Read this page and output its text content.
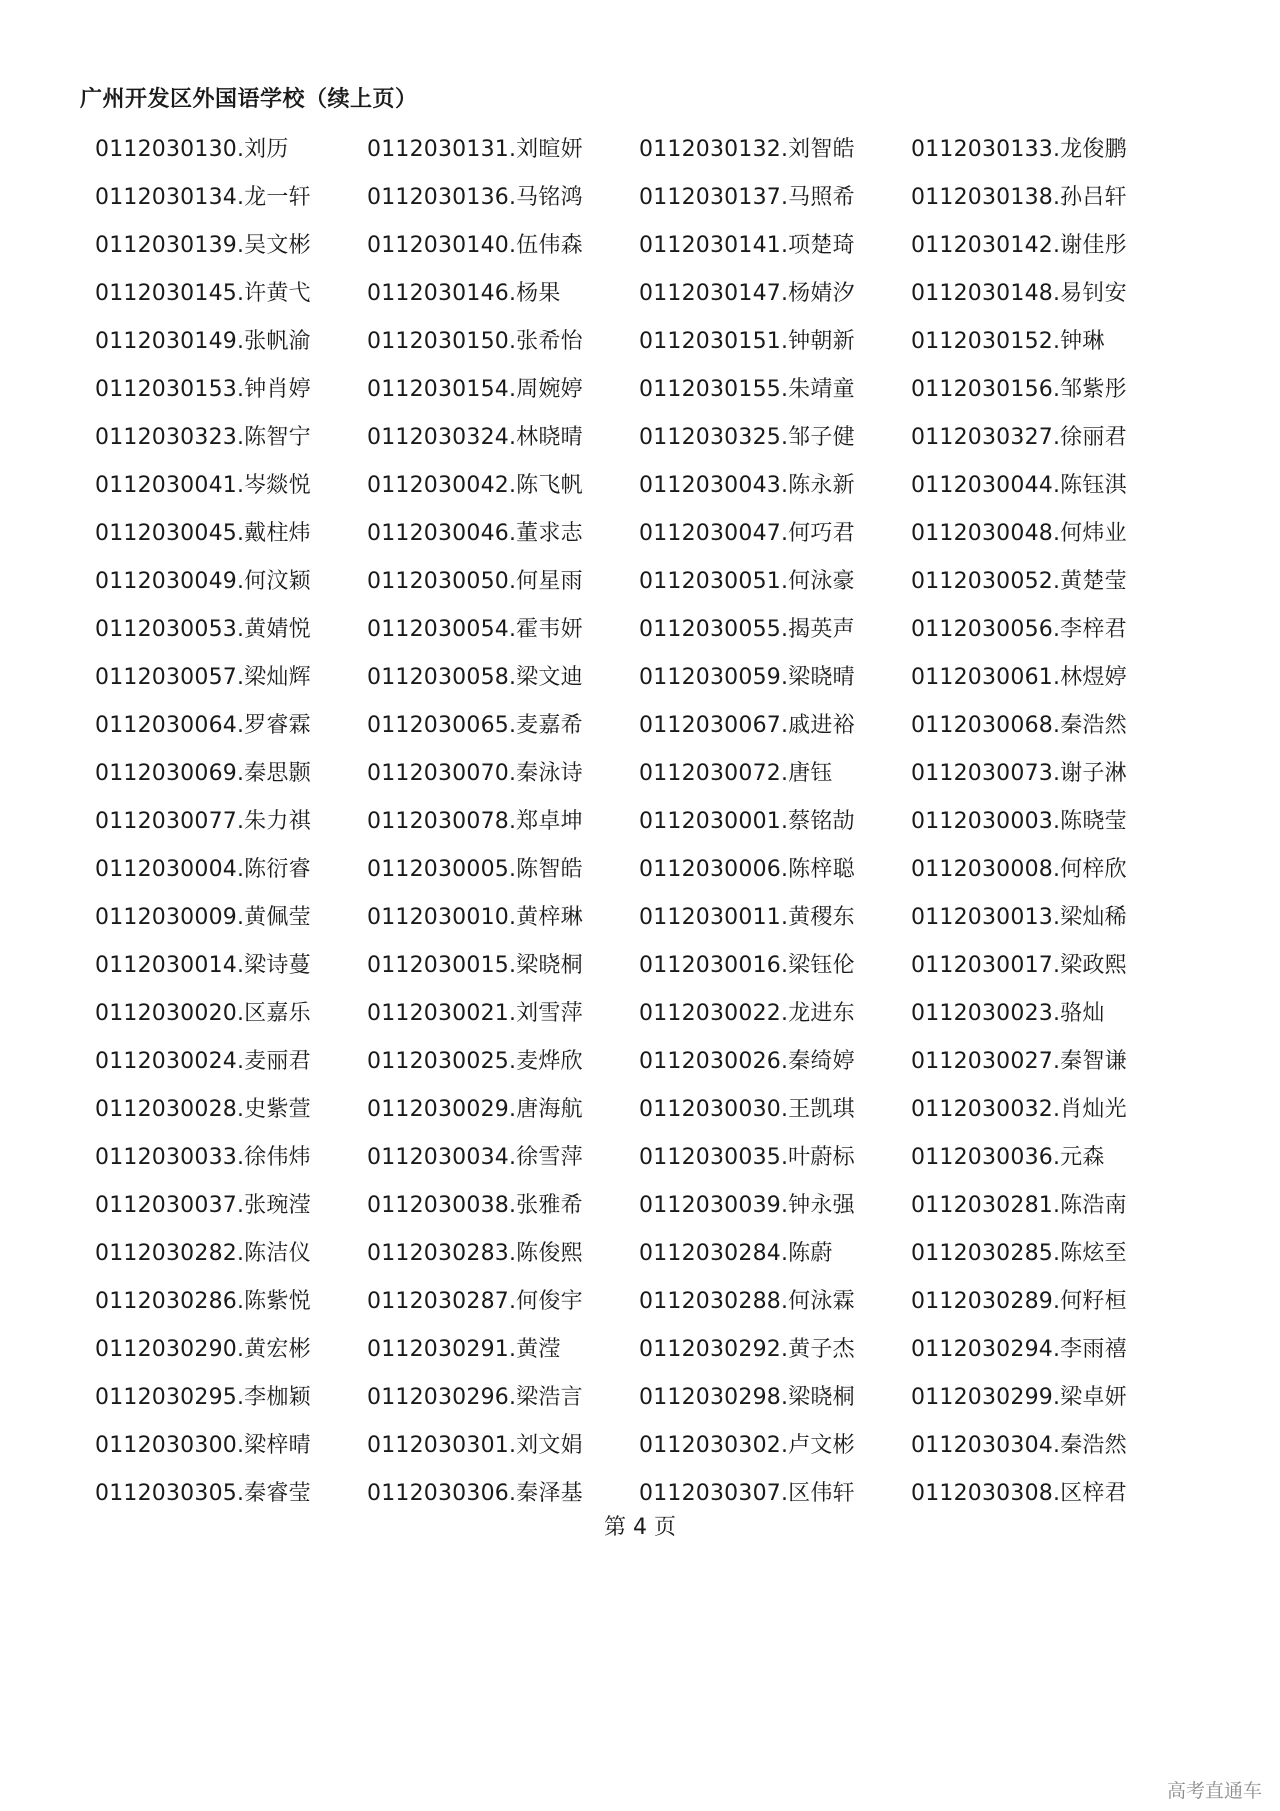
广州开发区外国语学校（续上页）
0112030130.刘历	0112030131.刘暄妍	0112030132.刘智皓	0112030133.龙俊鹏
0112030134.龙一轩	0112030136.马铭鸿	0112030137.马照希	0112030138.孙吕轩
0112030139.吴文彬	0112030140.伍伟森	0112030141.项楚琦	0112030142.谢佳彤
0112030145.许黄弋	0112030146.杨果	0112030147.杨婧汐	0112030148.易钊安
0112030149.张帆渝	0112030150.张希怡	0112030151.钟朝新	0112030152.钟琳
0112030153.钟肖婷	0112030154.周婉婷	0112030155.朱靖童	0112030156.邹紫彤
0112030323.陈智宁	0112030324.林晓晴	0112030325.邹子健	0112030327.徐丽君
0112030041.岑燚悦	0112030042.陈飞帆	0112030043.陈永新	0112030044.陈钰淇
0112030045.戴柱炜	0112030046.董求志	0112030047.何巧君	0112030048.何炜业
0112030049.何汶颖	0112030050.何星雨	0112030051.何泳豪	0112030052.黄楚莹
0112030053.黄婧悦	0112030054.霍韦妍	0112030055.揭英声	0112030056.李梓君
0112030057.梁灿辉	0112030058.梁文迪	0112030059.梁晓晴	0112030061.林煜婷
0112030064.罗睿霖	0112030065.麦嘉希	0112030067.戚进裕	0112030068.秦浩然
0112030069.秦思颢	0112030070.秦泳诗	0112030072.唐钰	0112030073.谢子淋
0112030077.朱力祺	0112030078.郑卓坤	0112030001.蔡铭劼	0112030003.陈晓莹
0112030004.陈衍睿	0112030005.陈智皓	0112030006.陈梓聪	0112030008.何梓欣
0112030009.黄佩莹	0112030010.黄梓琳	0112030011.黄稷东	0112030013.梁灿稀
0112030014.梁诗蔓	0112030015.梁晓桐	0112030016.梁钰伦	0112030017.梁政熙
0112030020.区嘉乐	0112030021.刘雪萍	0112030022.龙进东	0112030023.骆灿
0112030024.麦丽君	0112030025.麦烨欣	0112030026.秦绮婷	0112030027.秦智谦
0112030028.史紫萱	0112030029.唐海航	0112030030.王凯琪	0112030032.肖灿光
0112030033.徐伟炜	0112030034.徐雪萍	0112030035.叶蔚标	0112030036.元森
0112030037.张琬滢	0112030038.张雅希	0112030039.钟永强	0112030281.陈浩南
0112030282.陈洁仪	0112030283.陈俊熙	0112030284.陈蔚	0112030285.陈炫至
0112030286.陈紫悦	0112030287.何俊宇	0112030288.何泳霖	0112030289.何籽桓
0112030290.黄宏彬	0112030291.黄滢	0112030292.黄子杰	0112030294.李雨禧
0112030295.李枷颖	0112030296.梁浩言	0112030298.梁晓桐	0112030299.梁卓妍
0112030300.梁梓晴	0112030301.刘文娟	0112030302.卢文彬	0112030304.秦浩然
0112030305.秦睿莹	0112030306.秦泽基	0112030307.区伟轩	0112030308.区梓君
第 4 页
高考直通车
